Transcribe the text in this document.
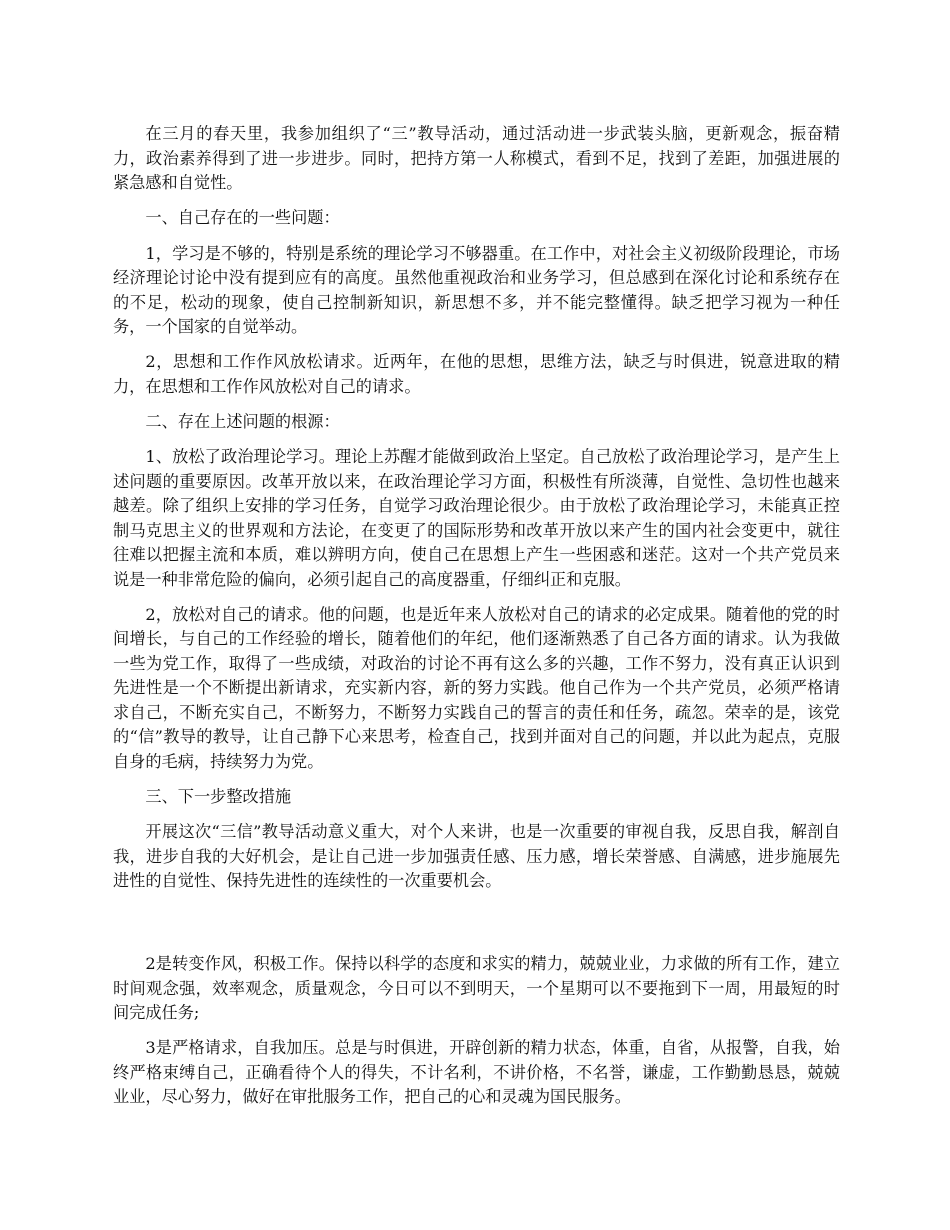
在三月的春天里，我参加组织了“三”教导活动，通过活动进一步武装头脑，更新观念，振奋精力，政治素养得到了进一步进步。同时，把持方第一人称模式，看到不足，找到了差距，加强进展的紧急感和自觉性。

一、自己存在的一些问题：

1，学习是不够的，特别是系统的理论学习不够器重。在工作中，对社会主义初级阶段理论，市场经济理论讨论中没有提到应有的高度。虽然他重视政治和业务学习，但总感到在深化讨论和系统存在的不足，松动的现象，使自己控制新知识，新思想不多，并不能完整懂得。缺乏把学习视为一种任务，一个国家的自觉举动。

2，思想和工作作风放松请求。近两年，在他的思想，思维方法，缺乏与时俱进，锐意进取的精力，在思想和工作作风放松对自己的请求。

二、存在上述问题的根源：

1、放松了政治理论学习。理论上苏醒才能做到政治上坚定。自己放松了政治理论学习，是产生上述问题的重要原因。改革开放以来，在政治理论学习方面，积极性有所淡薄，自觉性、急切性也越来越差。除了组织上安排的学习任务，自觉学习政治理论很少。由于放松了政治理论学习，未能真正控制马克思主义的世界观和方法论，在变更了的国际形势和改革开放以来产生的国内社会变更中，就往往难以把握主流和本质，难以辨明方向，使自己在思想上产生一些困惑和迷茫。这对一个共产党员来说是一种非常危险的偏向，必须引起自己的高度器重，仔细纠正和克服。

2，放松对自己的请求。他的问题，也是近年来人放松对自己的请求的必定成果。随着他的党的时间增长，与自己的工作经验的增长，随着他们的年纪，他们逐渐熟悉了自己各方面的请求。认为我做一些为党工作，取得了一些成绩，对政治的讨论不再有这么多的兴趣，工作不努力，没有真正认识到先进性是一个不断提出新请求，充实新内容，新的努力实践。他自己作为一个共产党员，必须严格请求自己，不断充实自己，不断努力，不断努力实践自己的誓言的责任和任务，疏忽。荣幸的是，该党的“信”教导的教导，让自己静下心来思考，检查自己，找到并面对自己的问题，并以此为起点，克服自身的毛病，持续努力为党。

三、下一步整改措施

开展这次“三信”教导活动意义重大，对个人来讲，也是一次重要的审视自我，反思自我，解剖自我，进步自我的大好机会，是让自己进一步加强责任感、压力感，增长荣誉感、自满感，进步施展先进性的自觉性、保持先进性的连续性的一次重要机会。

2是转变作风，积极工作。保持以科学的态度和求实的精力，兢兢业业，力求做的所有工作，建立时间观念强，效率观念，质量观念，今日可以不到明天，一个星期可以不要拖到下一周，用最短的时间完成任务;

3是严格请求，自我加压。总是与时俱进，开辟创新的精力状态，体重，自省，从报警，自我，始终严格束缚自己，正确看待个人的得失，不计名利，不讲价格，不名誉，谦虚，工作勤勤恳恳，兢兢业业，尽心努力，做好在审批服务工作，把自己的心和灵魂为国民服务。
